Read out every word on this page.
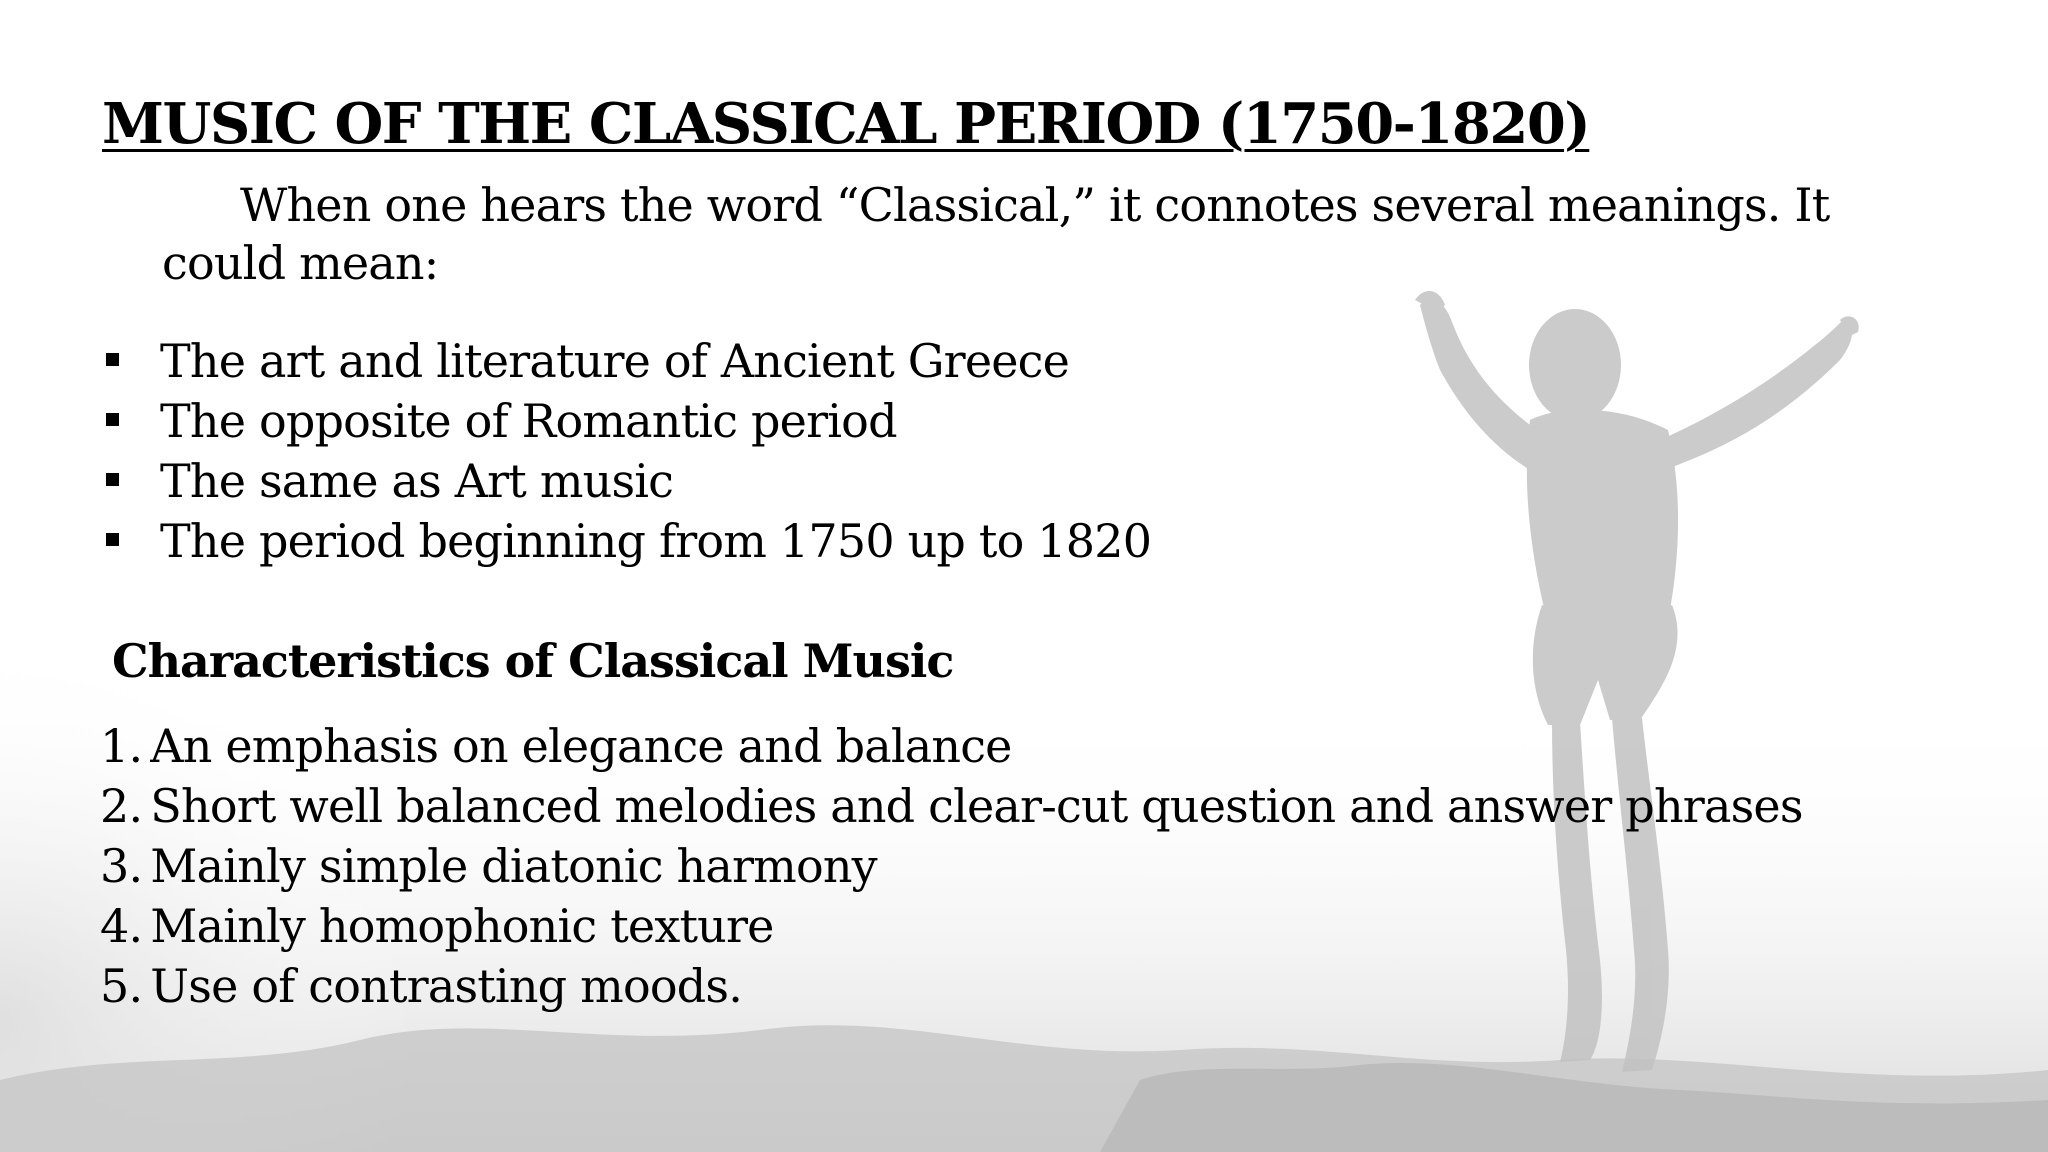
MUSIC OF THE CLASSICAL PERIOD (1750-1820)

When one hears the word “Classical,” it connotes several meanings. It could mean:

The art and literature of Ancient Greece
The opposite of Romantic period
The same as Art music
The period beginning from 1750 up to 1820
Characteristics of Classical Music
1. An emphasis on elegance and balance
2. Short well balanced melodies and clear-cut question and answer phrases
3. Mainly simple diatonic harmony
4. Mainly homophonic texture
5. Use of contrasting moods.
